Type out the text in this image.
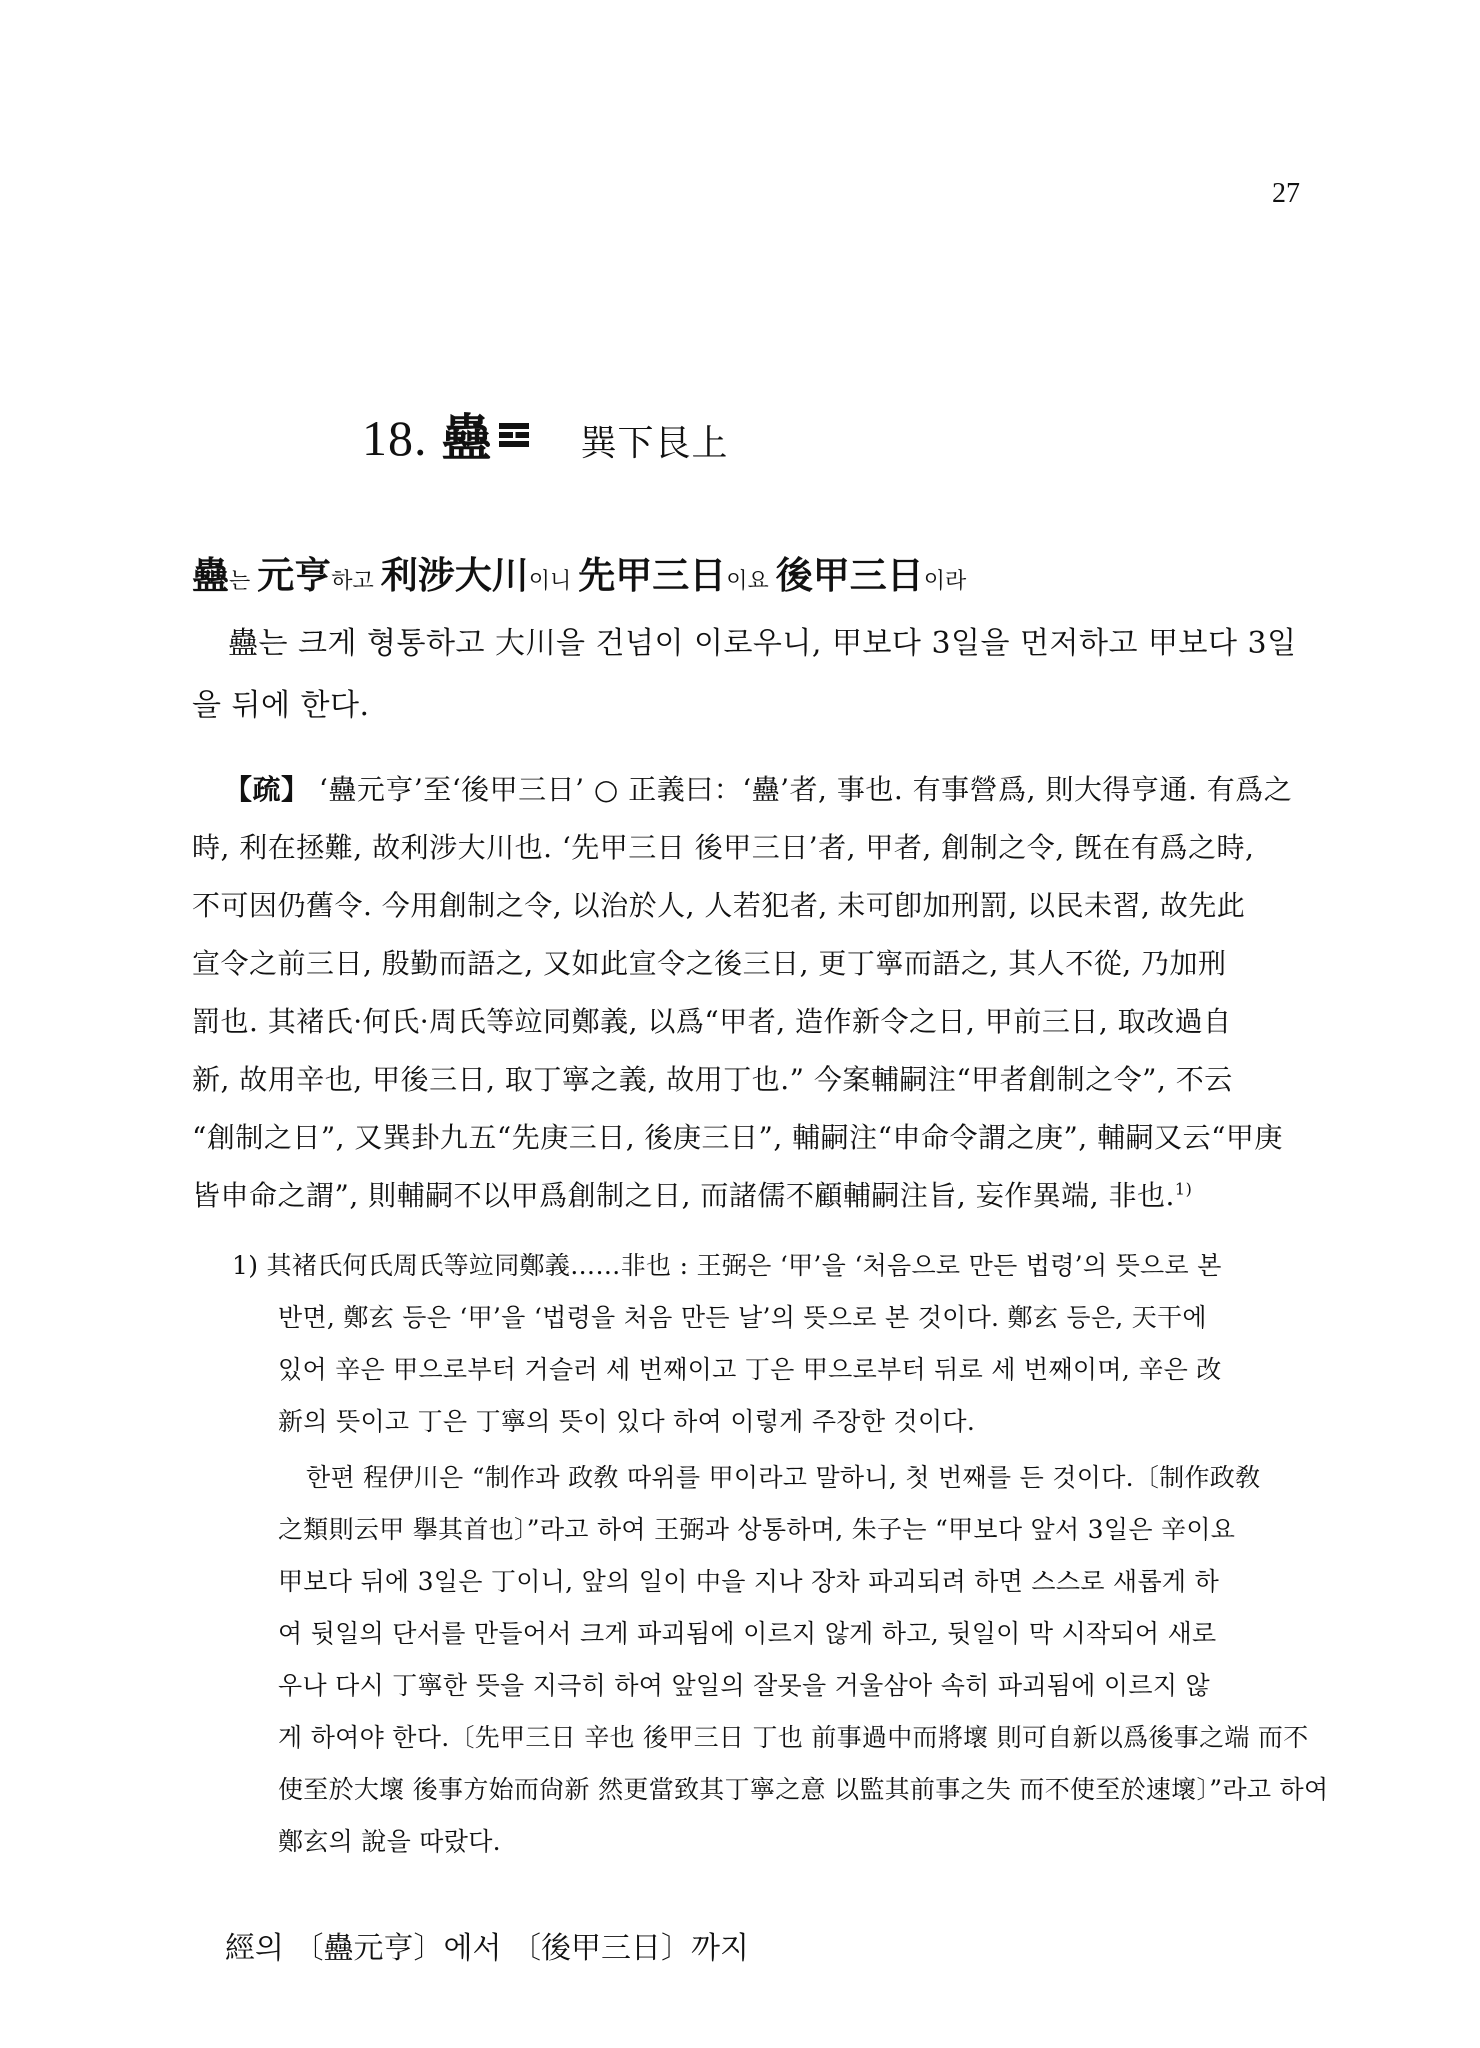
27
18. 蠱 巽下艮上
蠱는 元亨하고 利涉大川이니 先甲三日이요 後甲三日이라
蠱는 크게 형통하고 大川을 건넘이 이로우니, 甲보다 3일을 먼저하고 甲보다 3일
을 뒤에 한다.
【疏】 ‘蠱元亨’至‘後甲三日’ ○ 正義曰：‘蠱’者, 事也. 有事營爲, 則大得亨通. 有爲之
時, 利在拯難, 故利涉大川也. ‘先甲三日 後甲三日’者, 甲者, 創制之令, 旣在有爲之時,
不可因仍舊令. 今用創制之令, 以治於人, 人若犯者, 未可卽加刑罰, 以民未習, 故先此
宣令之前三日, 殷勤而語之, 又如此宣令之後三日, 更丁寧而語之, 其人不從, 乃加刑
罰也. 其褚氏·何氏·周氏等竝同鄭義, 以爲“甲者, 造作新令之日, 甲前三日, 取改過自
新, 故用辛也, 甲後三日, 取丁寧之義, 故用丁也.” 今案輔嗣注“甲者創制之令”, 不云
“創制之日”, 又巽卦九五“先庚三日, 後庚三日”, 輔嗣注“申命令謂之庚”, 輔嗣又云“甲庚
皆申命之謂”, 則輔嗣不以甲爲創制之日, 而諸儒不顧輔嗣注旨, 妄作異端, 非也.$^{1)}$
1) 其褚氏何氏周氏等竝同鄭義……非也 : 王弼은 ‘甲’을 ‘처음으로 만든 법령’의 뜻으로 본
반면, 鄭玄 등은 ‘甲’을 ‘법령을 처음 만든 날’의 뜻으로 본 것이다. 鄭玄 등은, 天干에
있어 辛은 甲으로부터 거슬러 세 번째이고 丁은 甲으로부터 뒤로 세 번째이며, 辛은 改
新의 뜻이고 丁은 丁寧의 뜻이 있다 하여 이렇게 주장한 것이다.
한편 程伊川은 “制作과 政敎 따위를 甲이라고 말하니, 첫 번째를 든 것이다.〔制作政敎
之類則云甲 擧其首也〕”라고 하여 王弼과 상통하며, 朱子는 “甲보다 앞서 3일은 辛이요
甲보다 뒤에 3일은 丁이니, 앞의 일이 中을 지나 장차 파괴되려 하면 스스로 새롭게 하
여 뒷일의 단서를 만들어서 크게 파괴됨에 이르지 않게 하고, 뒷일이 막 시작되어 새로
우나 다시 丁寧한 뜻을 지극히 하여 앞일의 잘못을 거울삼아 속히 파괴됨에 이르지 않
게 하여야 한다.〔先甲三日 辛也 後甲三日 丁也 前事過中而將壞 則可自新以爲後事之端 而不
使至於大壞 後事方始而尙新 然更當致其丁寧之意 以監其前事之失 而不使至於速壞〕”라고 하여
鄭玄의 說을 따랐다.
經의 〔蠱元亨〕에서 〔後甲三日〕까지
